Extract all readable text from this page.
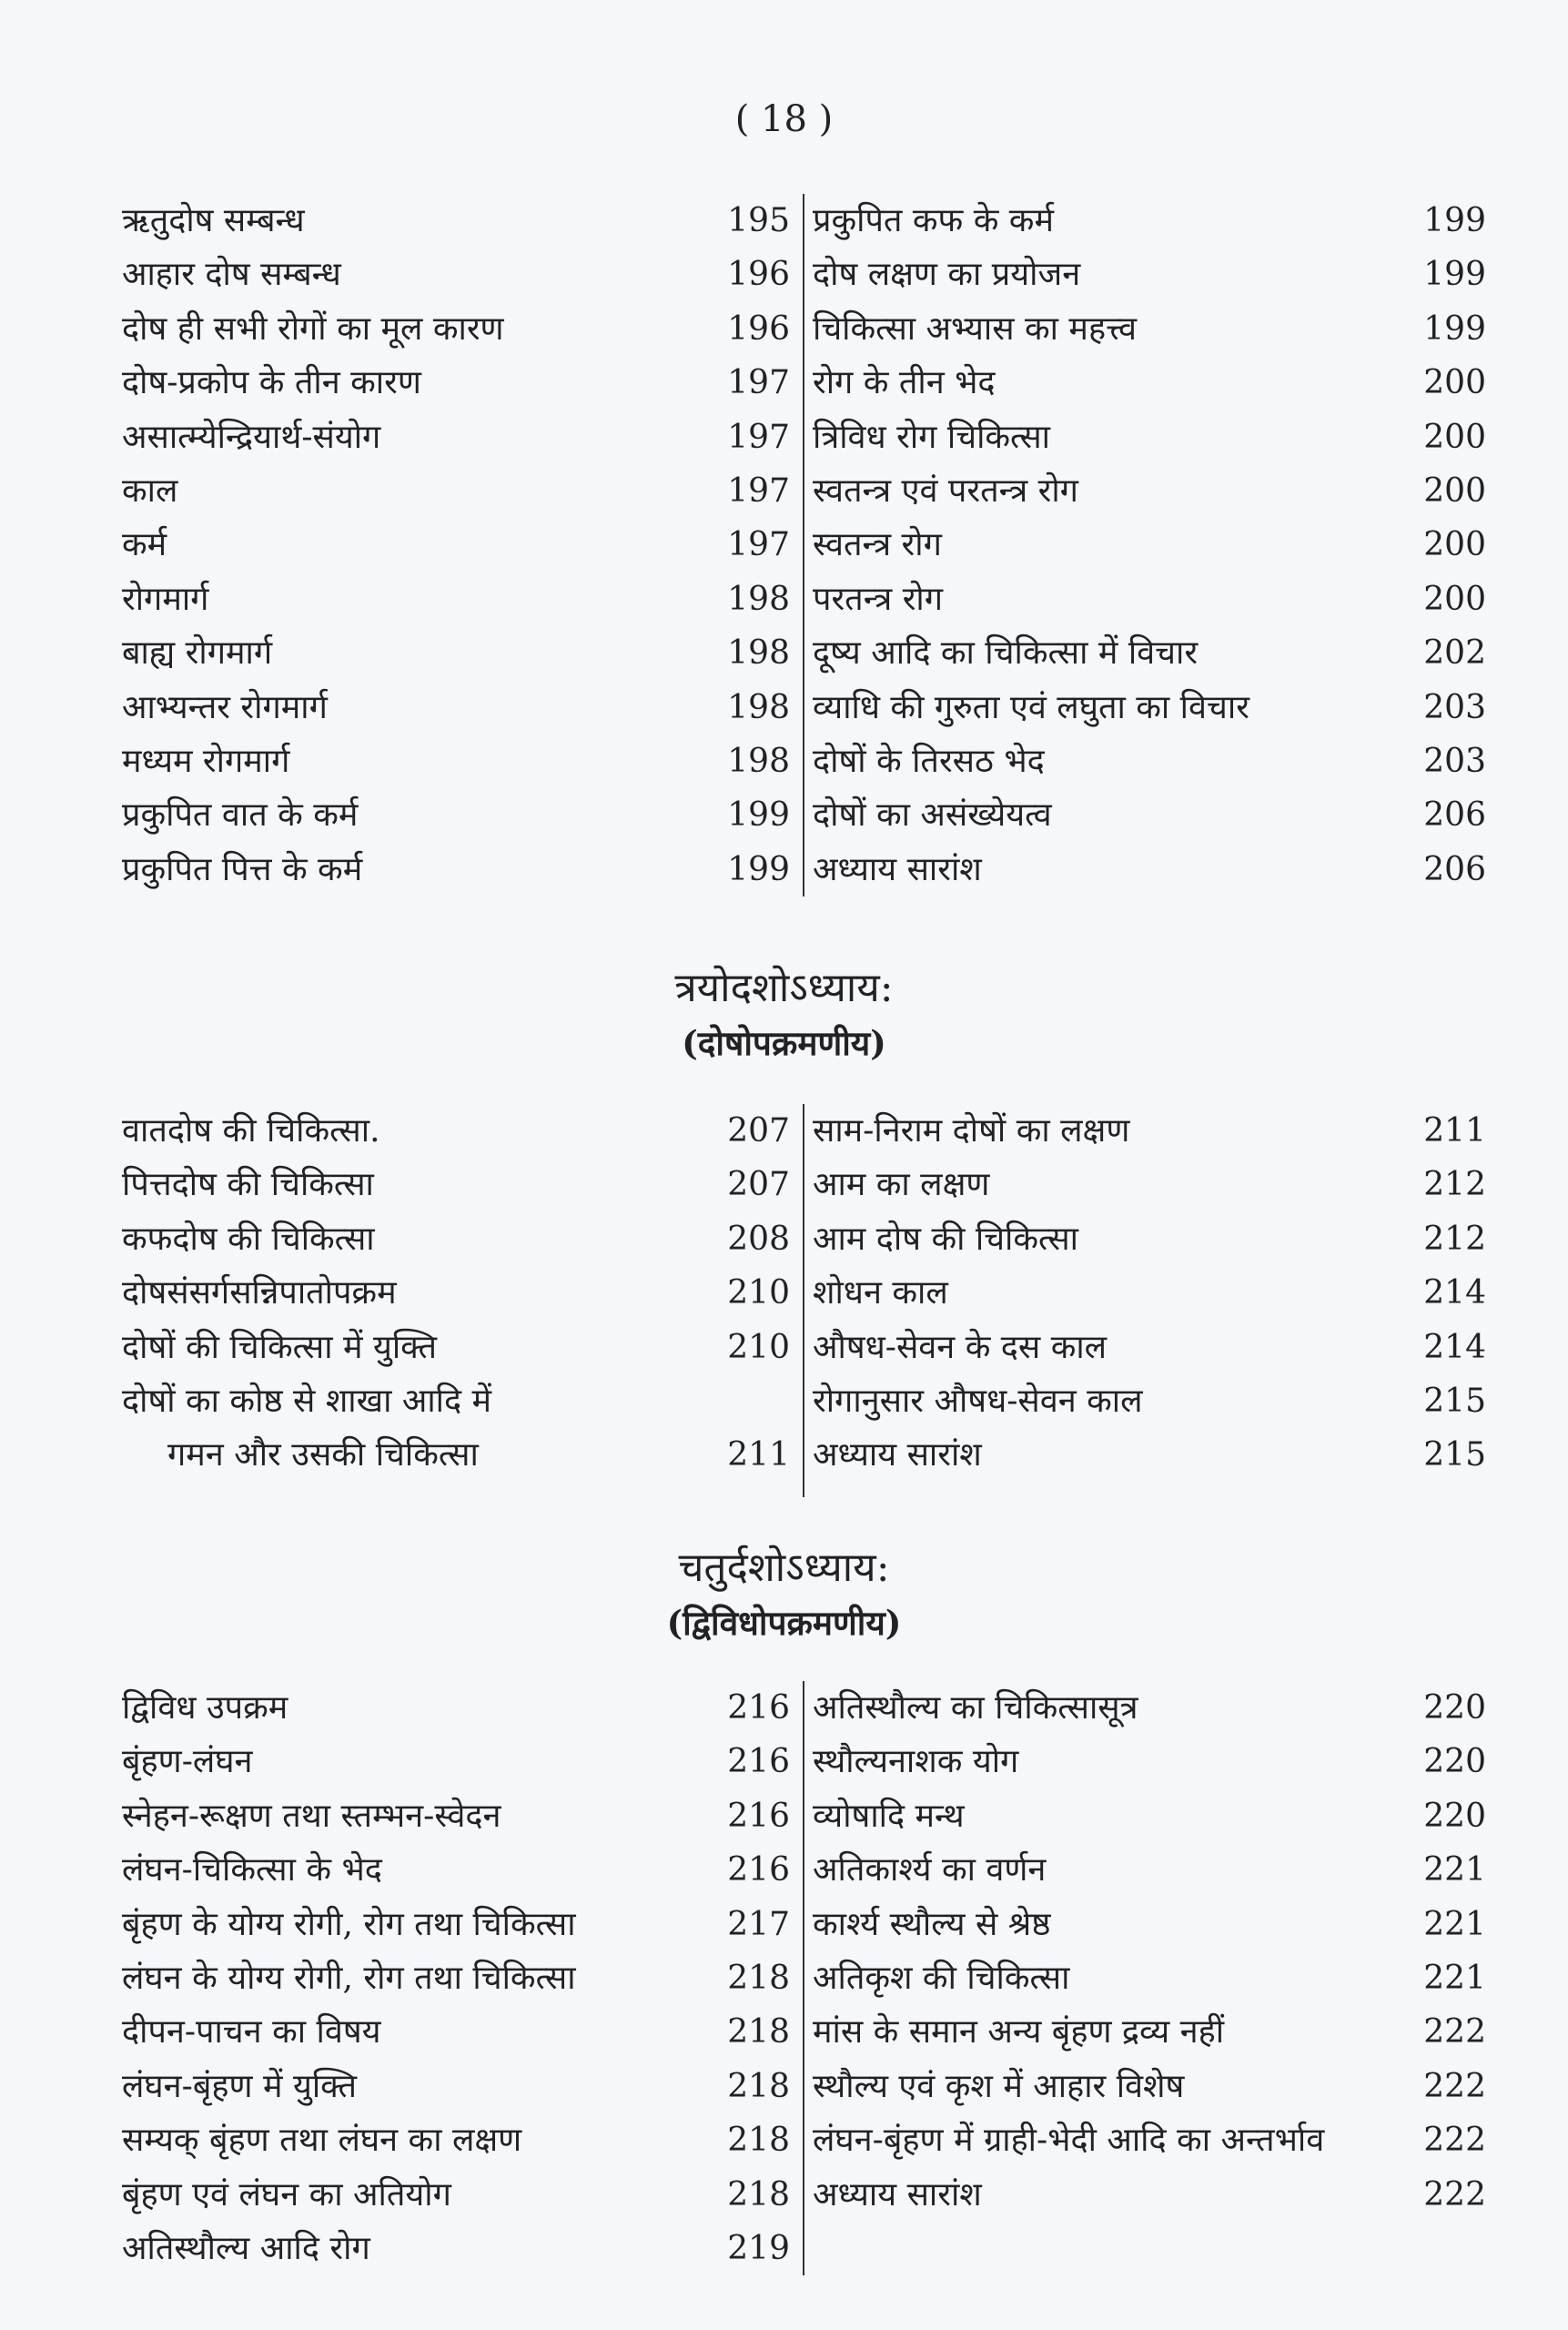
( 18 )
ऋतुदोष सम्बन्ध	195
आहार दोष सम्बन्ध	196
दोष ही सभी रोगों का मूल कारण	196
दोष-प्रकोप के तीन कारण	197
असात्म्येन्द्रियार्थ-संयोग	197
काल	197
कर्म	197
रोगमार्ग	198
बाह्य रोगमार्ग	198
आभ्यन्तर रोगमार्ग	198
मध्यम रोगमार्ग	198
प्रकुपित वात के कर्म	199
प्रकुपित पित्त के कर्म	199
प्रकुपित कफ के कर्म	199
दोष लक्षण का प्रयोजन	199
चिकित्सा अभ्यास का महत्त्व	199
रोग के तीन भेद	200
त्रिविध रोग चिकित्सा	200
स्वतन्त्र एवं परतन्त्र रोग	200
स्वतन्त्र रोग	200
परतन्त्र रोग	200
दूष्य आदि का चिकित्सा में विचार	202
व्याधि की गुरुता एवं लघुता का विचार	203
दोषों के तिरसठ भेद	203
दोषों का असंख्येयत्व	206
अध्याय सारांश	206
त्रयोदशोऽध्याय:
(दोषोपक्रमणीय)
वातदोष की चिकित्सा.	207
पित्तदोष की चिकित्सा	207
कफदोष की चिकित्सा	208
दोषसंसर्गसन्निपातोपक्रम	210
दोषों की चिकित्सा में युक्ति	210
दोषों का कोष्ठ से शाखा आदि में
गमन और उसकी चिकित्सा	211
साम-निराम दोषों का लक्षण	211
आम का लक्षण	212
आम दोष की चिकित्सा	212
शोधन काल	214
औषध-सेवन के दस काल	214
रोगानुसार औषध-सेवन काल	215
अध्याय सारांश	215
चतुर्दशोऽध्याय:
(द्विविधोपक्रमणीय)
द्विविध उपक्रम	216
बृंहण-लंघन	216
स्नेहन-रूक्षण तथा स्तम्भन-स्वेदन	216
लंघन-चिकित्सा के भेद	216
बृंहण के योग्य रोगी, रोग तथा चिकित्सा	217
लंघन के योग्य रोगी, रोग तथा चिकित्सा	218
दीपन-पाचन का विषय	218
लंघन-बृंहण में युक्ति	218
सम्यक् बृंहण तथा लंघन का लक्षण	218
बृंहण एवं लंघन का अतियोग	218
अतिस्थौल्य आदि रोग	219
अतिस्थौल्य का चिकित्सासूत्र	220
स्थौल्यनाशक योग	220
व्योषादि मन्थ	220
अतिकार्श्य का वर्णन	221
कार्श्य स्थौल्य से श्रेष्ठ	221
अतिकृश की चिकित्सा	221
मांस के समान अन्य बृंहण द्रव्य नहीं	222
स्थौल्य एवं कृश में आहार विशेष	222
लंघन-बृंहण में ग्राही-भेदी आदि का अन्तर्भाव	222
अध्याय सारांश	222
